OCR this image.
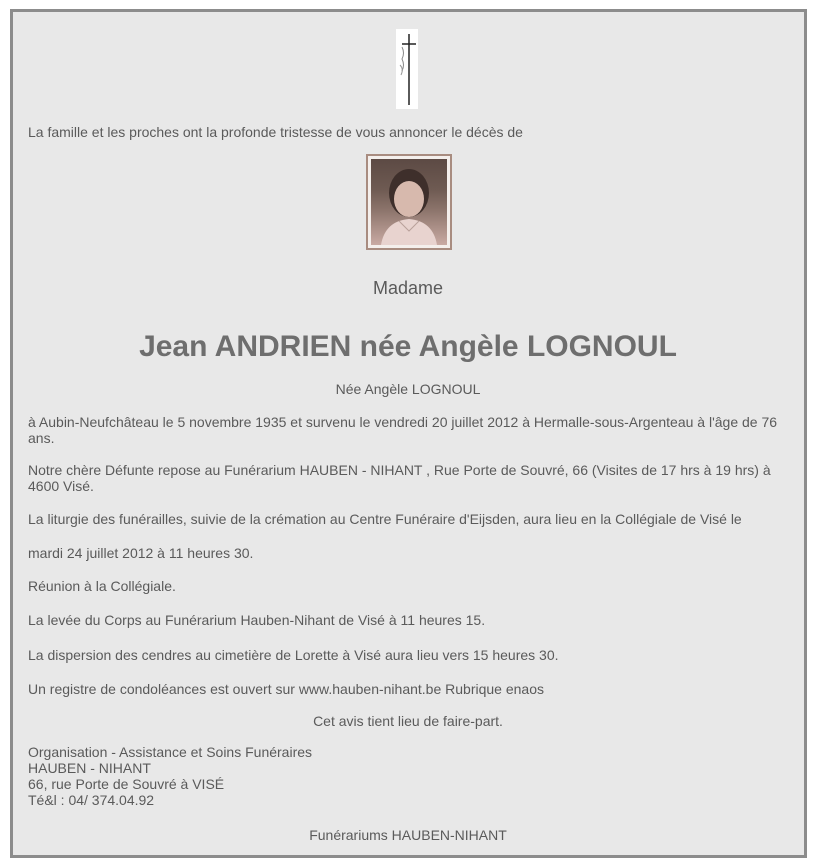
La famille et les proches ont la profonde tristesse de vous annoncer le décès de

Madame

Jean ANDRIEN née Angèle LOGNOUL

Née Angèle LOGNOUL

à Aubin-Neufchâteau le 5 novembre 1935 et survenu le vendredi 20 juillet 2012 à Hermalle-sous-Argenteau à l'âge de 76 ans.

Notre chère Défunte repose au Funérarium HAUBEN - NIHANT , Rue Porte de Souvré, 66 (Visites de 17 hrs à 19 hrs) à 4600 Visé.

La liturgie des funérailles, suivie de la crémation au Centre Funéraire d'Eijsden, aura lieu en la Collégiale de Visé le

mardi 24 juillet 2012 à 11 heures 30.

Réunion à la Collégiale.

La levée du Corps au Funérarium Hauben-Nihant de Visé à 11 heures 15.

La dispersion des cendres au cimetière de Lorette à Visé aura lieu vers 15 heures 30.

Un registre de condoléances est ouvert sur www.hauben-nihant.be Rubrique enaos

Cet avis tient lieu de faire-part.

Organisation - Assistance et Soins Funéraires
HAUBEN - NIHANT
66, rue Porte de Souvré à VISÉ
Té&l : 04/ 374.04.92

Funérariums HAUBEN-NIHANT
